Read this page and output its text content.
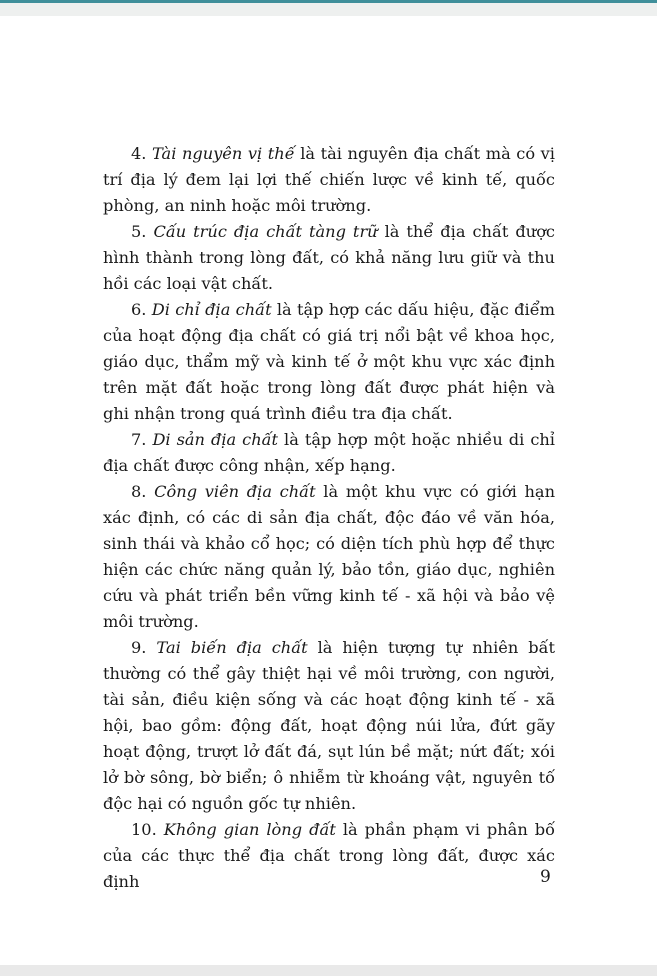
4. Tài nguyên vị thế là tài nguyên địa chất mà có vị trí địa lý đem lại lợi thế chiến lược về kinh tế, quốc phòng, an ninh hoặc môi trường.

5. Cấu trúc địa chất tàng trữ là thể địa chất được hình thành trong lòng đất, có khả năng lưu giữ và thu hồi các loại vật chất.

6. Di chỉ địa chất là tập hợp các dấu hiệu, đặc điểm của hoạt động địa chất có giá trị nổi bật về khoa học, giáo dục, thẩm mỹ và kinh tế ở một khu vực xác định trên mặt đất hoặc trong lòng đất được phát hiện và ghi nhận trong quá trình điều tra địa chất.

7. Di sản địa chất là tập hợp một hoặc nhiều di chỉ địa chất được công nhận, xếp hạng.

8. Công viên địa chất là một khu vực có giới hạn xác định, có các di sản địa chất, độc đáo về văn hóa, sinh thái và khảo cổ học; có diện tích phù hợp để thực hiện các chức năng quản lý, bảo tồn, giáo dục, nghiên cứu và phát triển bền vững kinh tế - xã hội và bảo vệ môi trường.

9. Tai biến địa chất là hiện tượng tự nhiên bất thường có thể gây thiệt hại về môi trường, con người, tài sản, điều kiện sống và các hoạt động kinh tế - xã hội, bao gồm: động đất, hoạt động núi lửa, đứt gãy hoạt động, trượt lở đất đá, sụt lún bề mặt; nứt đất; xói lở bờ sông, bờ biển; ô nhiễm từ khoáng vật, nguyên tố độc hại có nguồn gốc tự nhiên.

10. Không gian lòng đất là phần phạm vi phân bố của các thực thể địa chất trong lòng đất, được xác định	9
